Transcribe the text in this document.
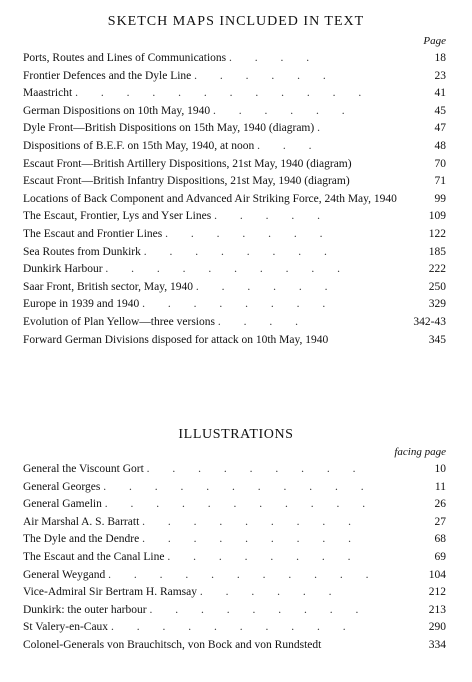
SKETCH MAPS INCLUDED IN TEXT
Page
Ports, Routes and Lines of Communications . . . .	18
Frontier Defences and the Dyle Line . . . . . .	23
Maastricht . . . . . . . . . . . .	41
German Dispositions on 10th May, 1940 . . . . . .	45
Dyle Front—British Dispositions on 15th May, 1940 (diagram) .	47
Dispositions of B.E.F. on 15th May, 1940, at noon . . .	48
Escaut Front—British Artillery Dispositions, 21st May, 1940 (diagram)	70
Escaut Front—British Infantry Dispositions, 21st May, 1940 (diagram)	71
Locations of Back Component and Advanced Air Striking Force, 24th May, 1940	99
The Escaut, Frontier, Lys and Yser Lines . . . . .	109
The Escaut and Frontier Lines . . . . . . .	122
Sea Routes from Dunkirk . . . . . . . .	185
Dunkirk Harbour . . . . . . . . . .	222
Saar Front, British sector, May, 1940 . . . . . .	250
Europe in 1939 and 1940 . . . . . . . .	329
Evolution of Plan Yellow—three versions . . . .	342-43
Forward German Divisions disposed for attack on 10th May, 1940	345
ILLUSTRATIONS
facing page
General the Viscount Gort . . . . . . . . .	10
General Georges . . . . . . . . . . .	11
General Gamelin . . . . . . . . . . .	26
Air Marshal A. S. Barratt . . . . . . . . .	27
The Dyle and the Dendre . . . . . . . . .	68
The Escaut and the Canal Line . . . . . . . .	69
General Weygand . . . . . . . . . . .	104
Vice-Admiral Sir Bertram H. Ramsay . . . . . .	212
Dunkirk: the outer harbour . . . . . . . . .	213
St Valery-en-Caux . . . . . . . . . .	290
Colonel-Generals von Brauchitsch, von Bock and von Rundstedt	334
